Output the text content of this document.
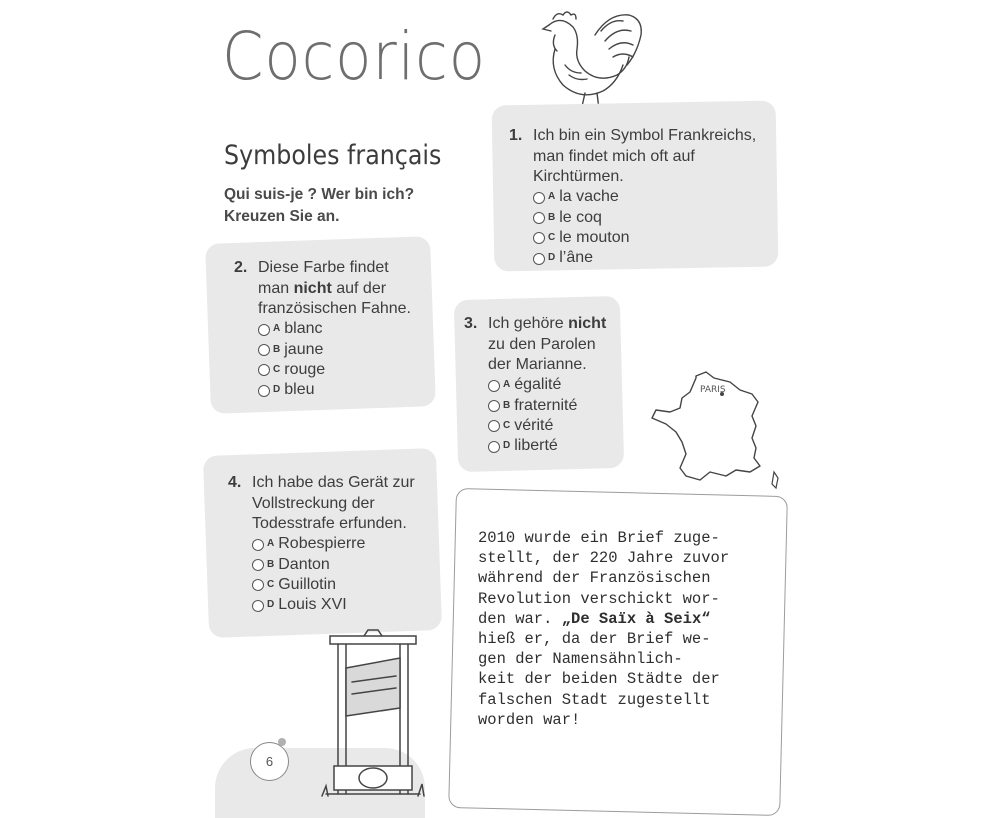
Cocorico
Symboles français
Qui suis-je ? Wer bin ich? Kreuzen Sie an.
1. Ich bin ein Symbol Frankreichs, man findet mich oft auf Kirchtürmen.
A la vache
B le coq
C le mouton
D l’âne
2. Diese Farbe findet man nicht auf der französischen Fahne.
A blanc
B jaune
C rouge
D bleu
3. Ich gehöre nicht zu den Parolen der Marianne.
A égalité
B fraternité
C vérité
D liberté
PARIS
4. Ich habe das Gerät zur Vollstreckung der Todesstrafe erfunden.
A Robespierre
B Danton
C Guillotin
D Louis XVI
6
2010 wurde ein Brief zuge-
stellt, der 220 Jahre zuvor
während der Französischen
Revolution verschickt wor-
den war. „De Saïx à Seix“
hieß er, da der Brief we-
gen der Namensähnlich-
keit der beiden Städte der
falschen Stadt zugestellt
worden war!
